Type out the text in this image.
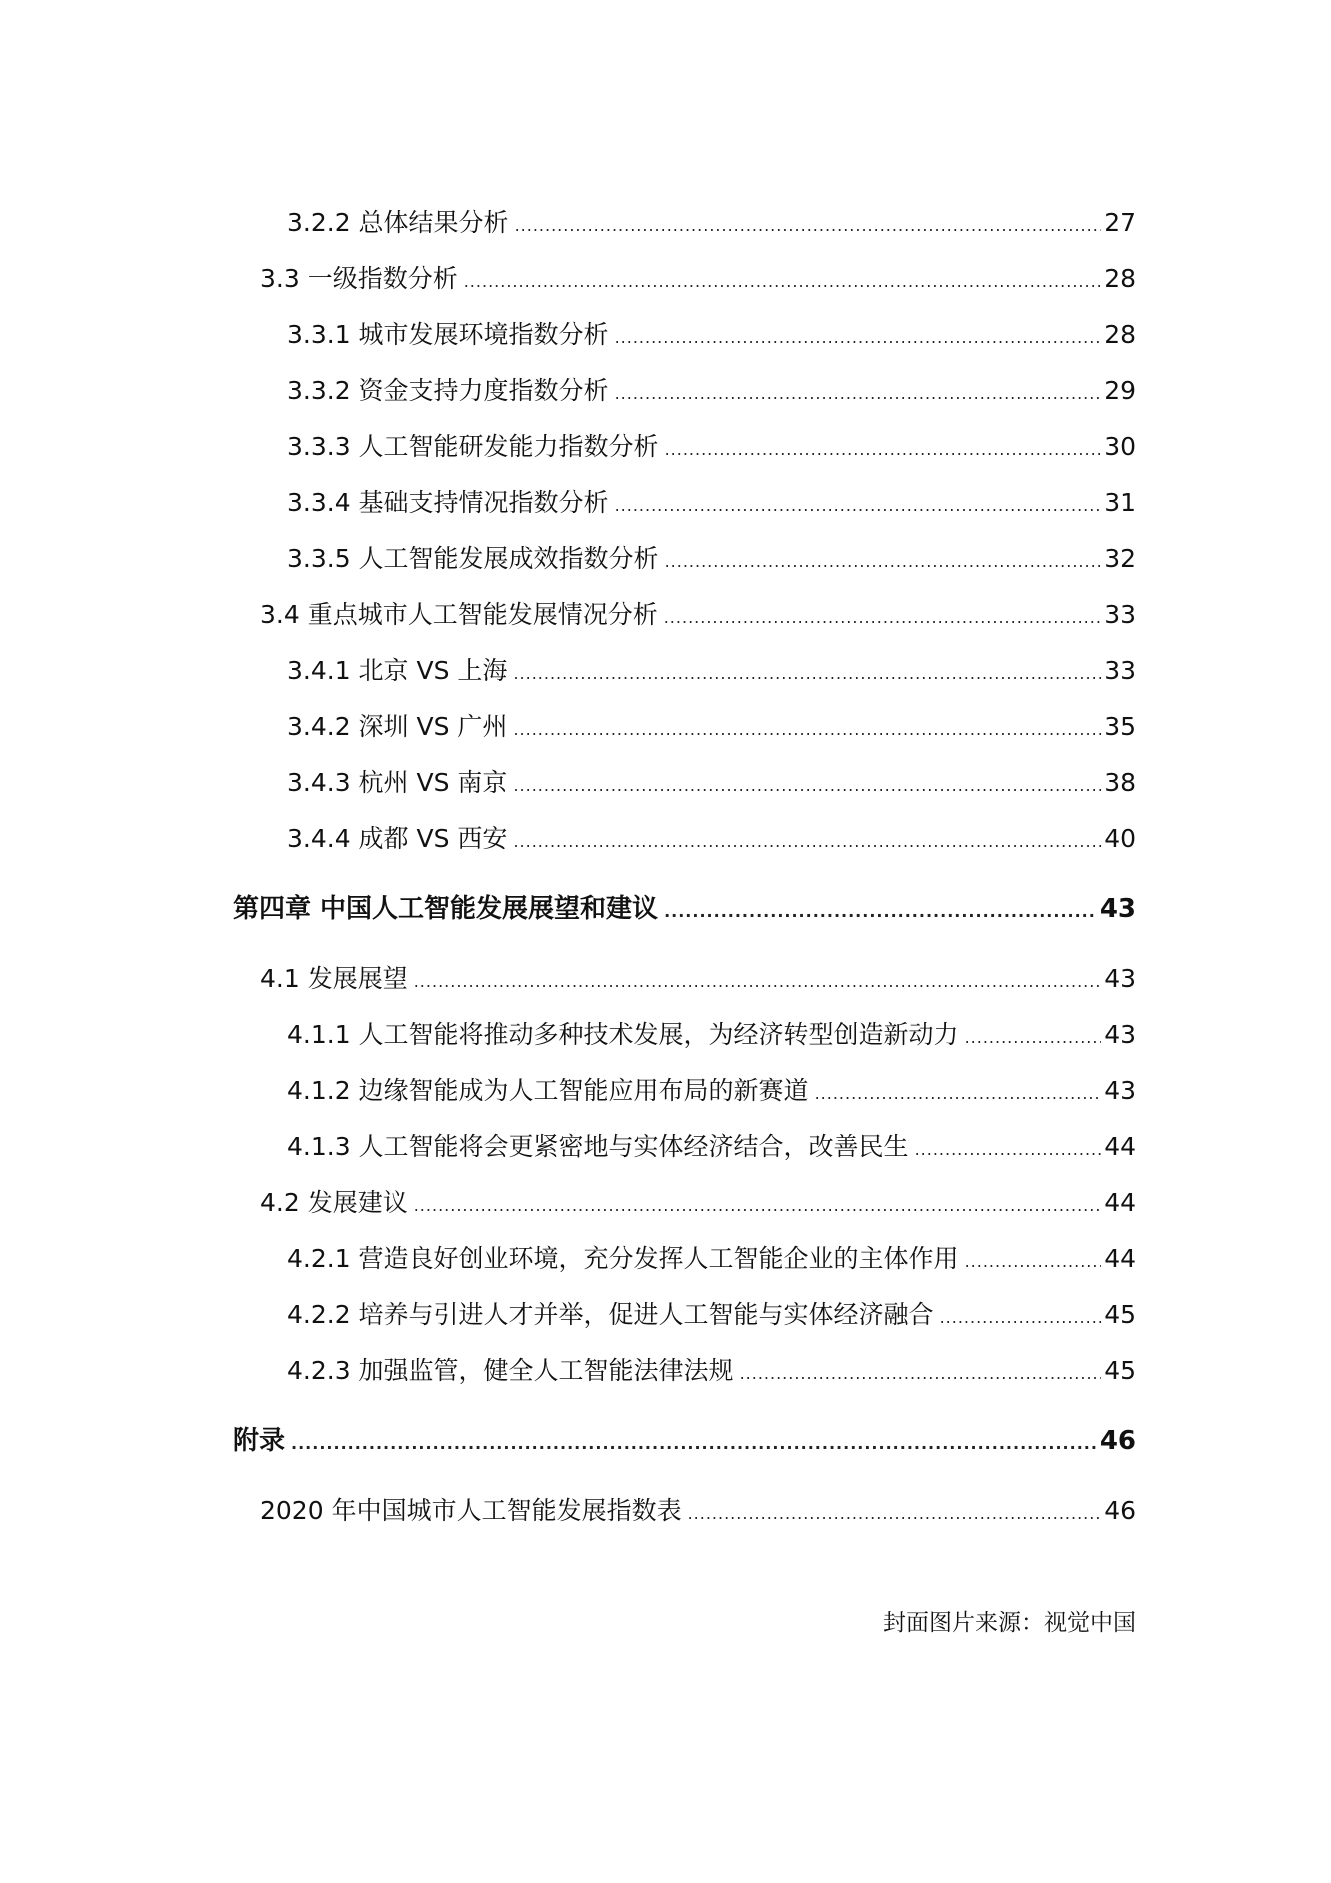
3.2.2 总体结果分析 .....	27
3.3 一级指数分析 .....	28
3.3.1 城市发展环境指数分析 .....	28
3.3.2 资金支持力度指数分析 .....	29
3.3.3 人工智能研发能力指数分析 .....	30
3.3.4 基础支持情况指数分析 .....	31
3.3.5 人工智能发展成效指数分析 .....	32
3.4 重点城市人工智能发展情况分析 .....	33
3.4.1 北京 VS 上海 .....	33
3.4.2 深圳 VS 广州 .....	35
3.4.3 杭州 VS 南京 .....	38
3.4.4 成都 VS 西安 .....	40
第四章 中国人工智能发展展望和建议 .....	43
4.1 发展展望 .....	43
4.1.1 人工智能将推动多种技术发展，为经济转型创造新动力 .....	43
4.1.2 边缘智能成为人工智能应用布局的新赛道 .....	43
4.1.3 人工智能将会更紧密地与实体经济结合，改善民生 .....	44
4.2 发展建议 .....	44
4.2.1 营造良好创业环境，充分发挥人工智能企业的主体作用 .....	44
4.2.2 培养与引进人才并举，促进人工智能与实体经济融合 .....	45
4.2.3 加强监管，健全人工智能法律法规 .....	45
附录 .....	46
2020 年中国城市人工智能发展指数表 .....	46
封面图片来源：视觉中国
